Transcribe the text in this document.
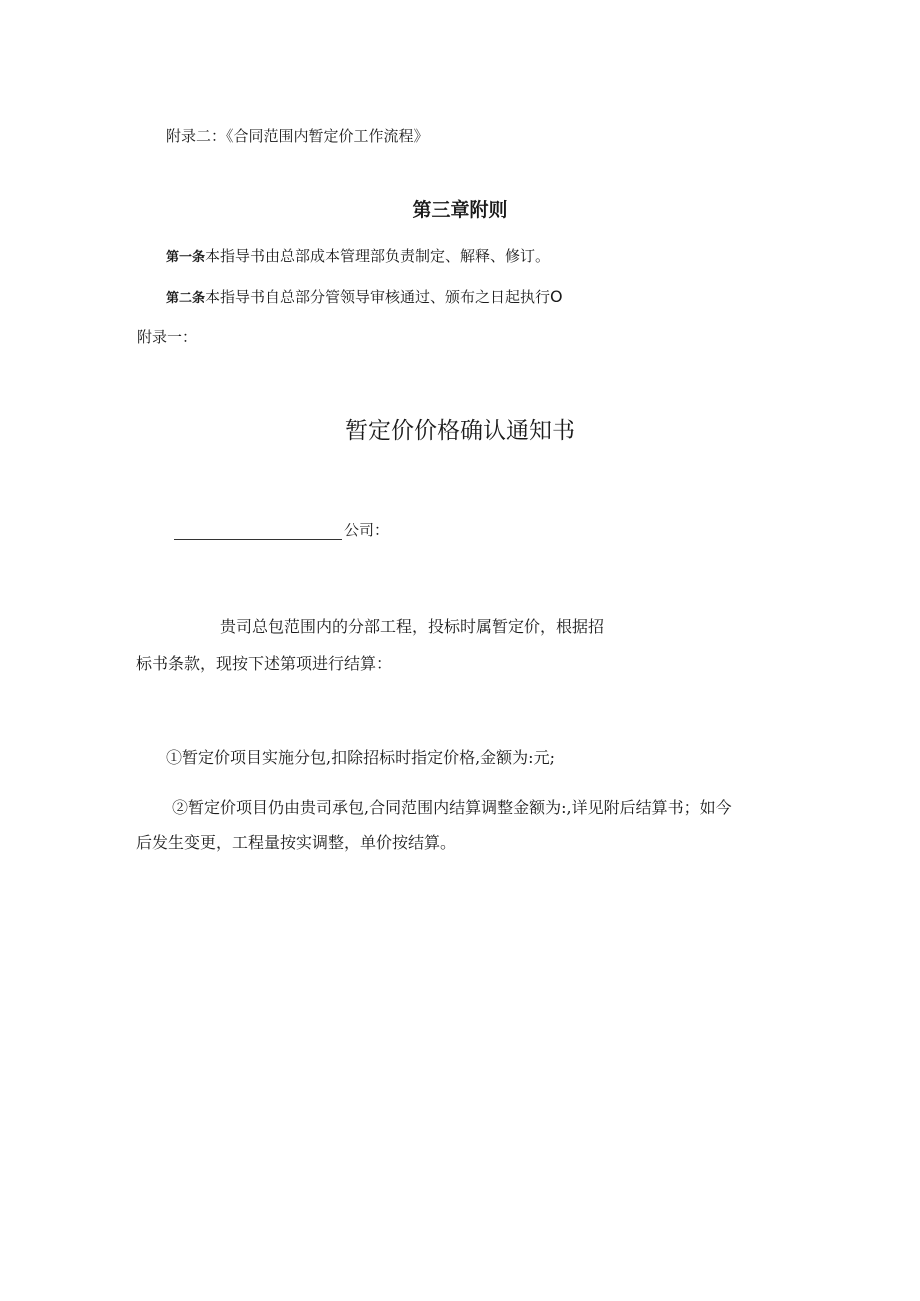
附录二：《合同范围内暂定价工作流程》
第三章附则
第一条本指导书由总部成本管理部负责制定、解释、修订。
第二条本指导书自总部分管领导审核通过、颁布之日起执行O
附录一：
暂定价价格确认通知书
公司：
贵司总包范围内的分部工程，投标时属暂定价，根据招
标书条款，现按下述第项进行结算：
①暂定价项目实施分包,扣除招标时指定价格,金额为:元;
②暂定价项目仍由贵司承包,合同范围内结算调整金额为:,详见附后结算书；如今
后发生变更，工程量按实调整，单价按结算。
